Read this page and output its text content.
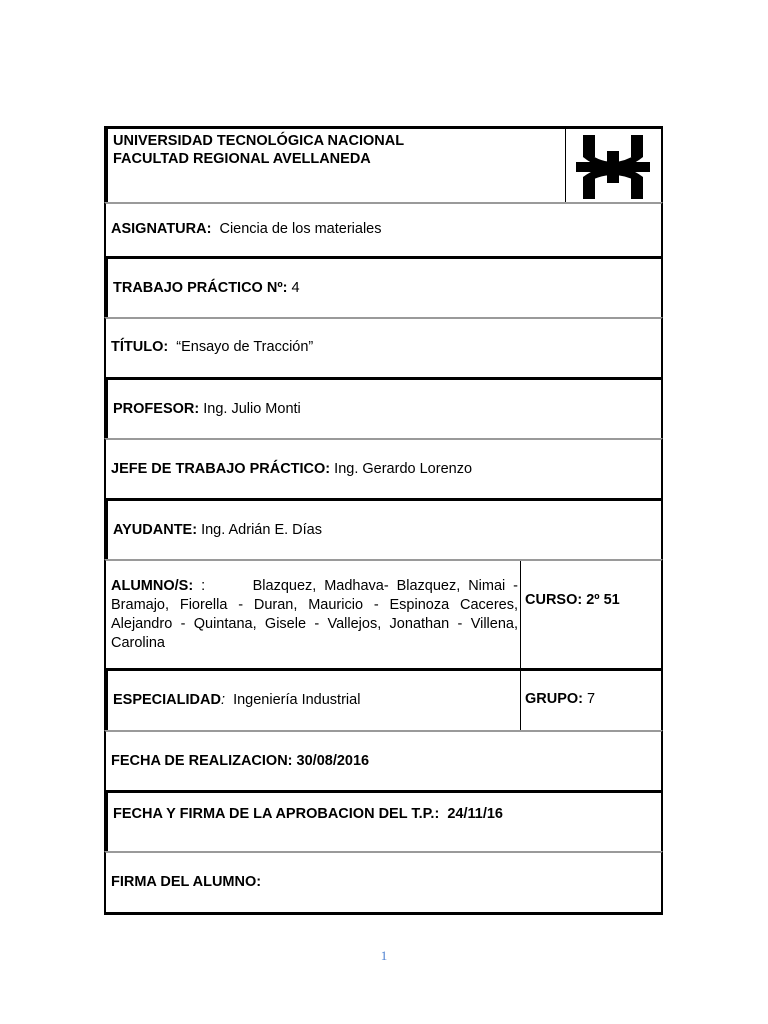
UNIVERSIDAD TECNOLÓGICA NACIONAL
FACULTAD REGIONAL AVELLANEDA
ASIGNATURA: Ciencia de los materiales
TRABAJO PRÁCTICO Nº: 4
TÍTULO: “Ensayo de Tracción”
PROFESOR: Ing. Julio Monti
JEFE DE TRABAJO PRÁCTICO: Ing. Gerardo Lorenzo
AYUDANTE: Ing. Adrián E. Días
ALUMNO/S: :      Blazquez, Madhava- Blazquez, Nimai - Bramajo, Fiorella - Duran, Mauricio - Espinoza Caceres, Alejandro - Quintana, Gisele - Vallejos, Jonathan - Villena, Carolina
CURSO: 2º 51
ESPECIALIDAD: Ingeniería Industrial	GRUPO: 7
FECHA DE REALIZACION: 30/08/2016
FECHA Y FIRMA DE LA APROBACION DEL T.P.:  24/11/16
FIRMA DEL ALUMNO:
1
